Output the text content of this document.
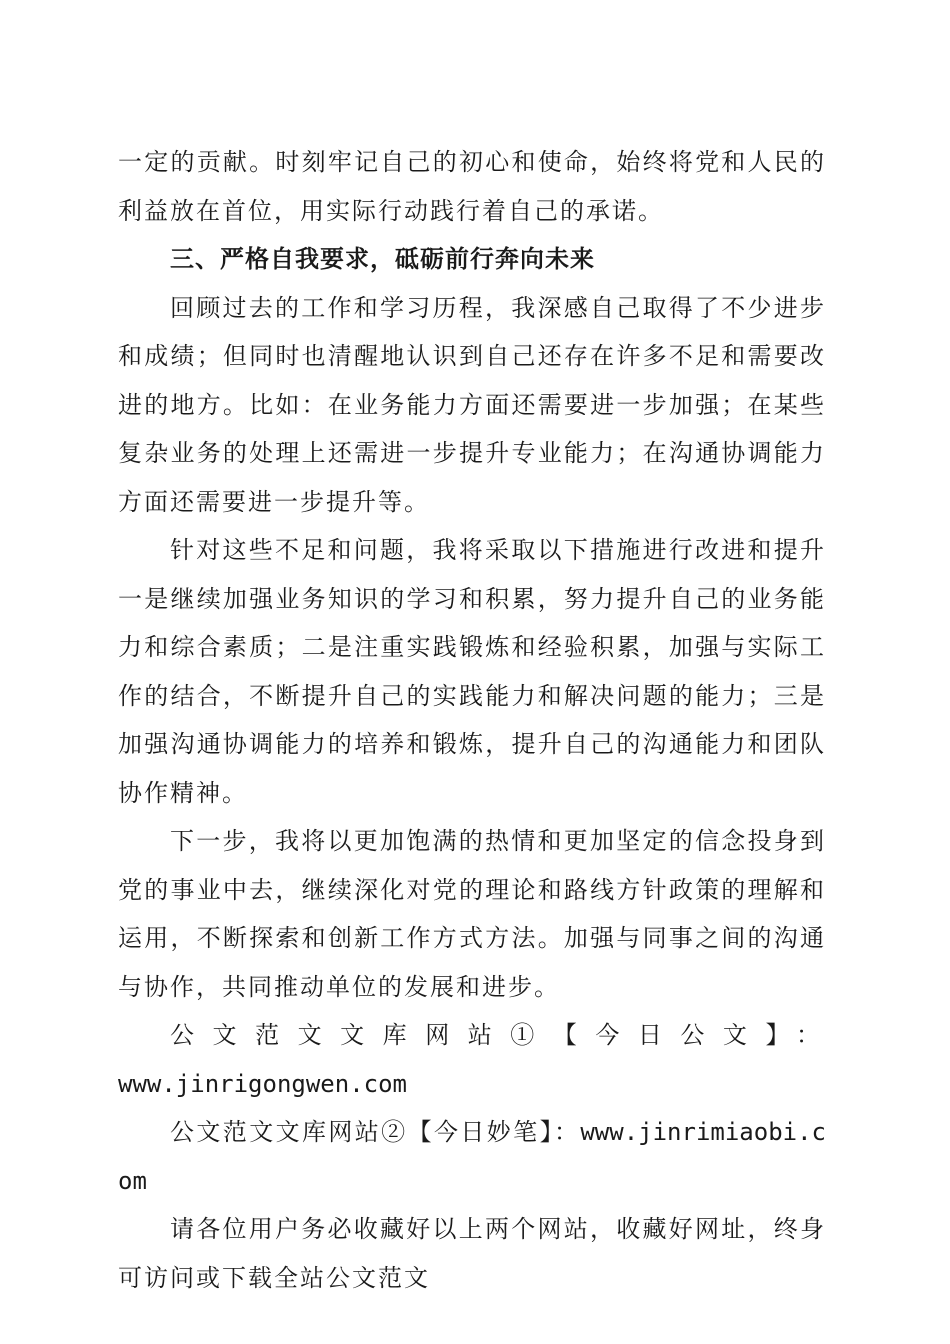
一定的贡献。时刻牢记自己的初心和使命，始终将党和人民的利益放在首位，用实际行动践行着自己的承诺。

三、严格自我要求，砥砺前行奔向未来

回顾过去的工作和学习历程，我深感自己取得了不少进步和成绩；但同时也清醒地认识到自己还存在许多不足和需要改进的地方。比如：在业务能力方面还需要进一步加强；在某些复杂业务的处理上还需进一步提升专业能力；在沟通协调能力方面还需要进一步提升等。

针对这些不足和问题，我将采取以下措施进行改进和提升一是继续加强业务知识的学习和积累，努力提升自己的业务能力和综合素质；二是注重实践锻炼和经验积累，加强与实际工作的结合，不断提升自己的实践能力和解决问题的能力；三是加强沟通协调能力的培养和锻炼，提升自己的沟通能力和团队协作精神。

下一步，我将以更加饱满的热情和更加坚定的信念投身到党的事业中去，继续深化对党的理论和路线方针政策的理解和运用，不断探索和创新工作方式方法。加强与同事之间的沟通与协作，共同推动单位的发展和进步。

公文范文文库网站①【今日公文】：

www.jinrigongwen.com

公文范文文库网站②【今日妙笔】：www.jinrimiaobi.com

请各位用户务必收藏好以上两个网站，收藏好网址，终身可访问或下载全站公文范文
